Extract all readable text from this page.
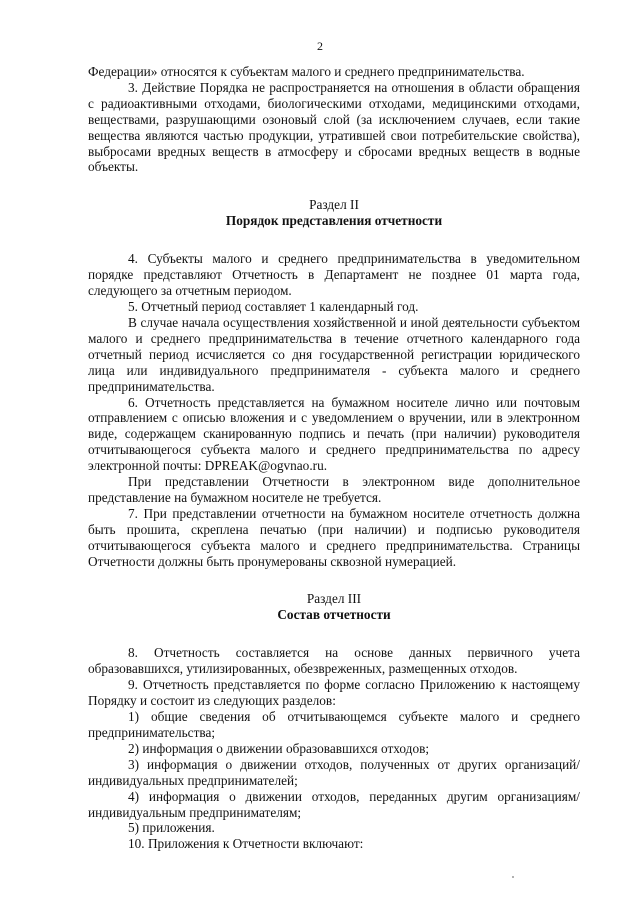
2

Федерации» относятся к субъектам малого и среднего предпринимательства.

3. Действие Порядка не распространяется на отношения в области обращения с радиоактивными отходами, биологическими отходами, медицинскими отходами, веществами, разрушающими озоновый слой (за исключением случаев, если такие вещества являются частью продукции, утратившей свои потребительские свойства), выбросами вредных веществ в атмосферу и сбросами вредных веществ в водные объекты.

Раздел II
Порядок представления отчетности

4. Субъекты малого и среднего предпринимательства в уведомительном порядке представляют Отчетность в Департамент не позднее 01 марта года, следующего за отчетным периодом.

5. Отчетный период составляет 1 календарный год.

В случае начала осуществления хозяйственной и иной деятельности субъектом малого и среднего предпринимательства в течение отчетного календарного года отчетный период исчисляется со дня государственной регистрации юридического лица или индивидуального предпринимателя - субъекта малого и среднего предпринимательства.

6. Отчетность представляется на бумажном носителе лично или почтовым отправлением с описью вложения и с уведомлением о вручении, или в электронном виде, содержащем сканированную подпись и печать (при наличии) руководителя отчитывающегося субъекта малого и среднего предпринимательства по адресу электронной почты: DPREAK@ogvnao.ru.

При представлении Отчетности в электронном виде дополнительное представление на бумажном носителе не требуется.

7. При представлении отчетности на бумажном носителе отчетность должна быть прошита, скреплена печатью (при наличии) и подписью руководителя отчитывающегося субъекта малого и среднего предпринимательства. Страницы Отчетности должны быть пронумерованы сквозной нумерацией.

Раздел III
Состав отчетности

8. Отчетность составляется на основе данных первичного учета образовавшихся, утилизированных, обезвреженных, размещенных отходов.

9. Отчетность представляется по форме согласно Приложению к настоящему Порядку и состоит из следующих разделов:

1) общие сведения об отчитывающемся субъекте малого и среднего предпринимательства;

2) информация о движении образовавшихся отходов;

3) информация о движении отходов, полученных от других организаций/индивидуальных предпринимателей;

4) информация о движении отходов, переданных другим организациям/индивидуальным предпринимателям;

5) приложения.

10. Приложения к Отчетности включают:
